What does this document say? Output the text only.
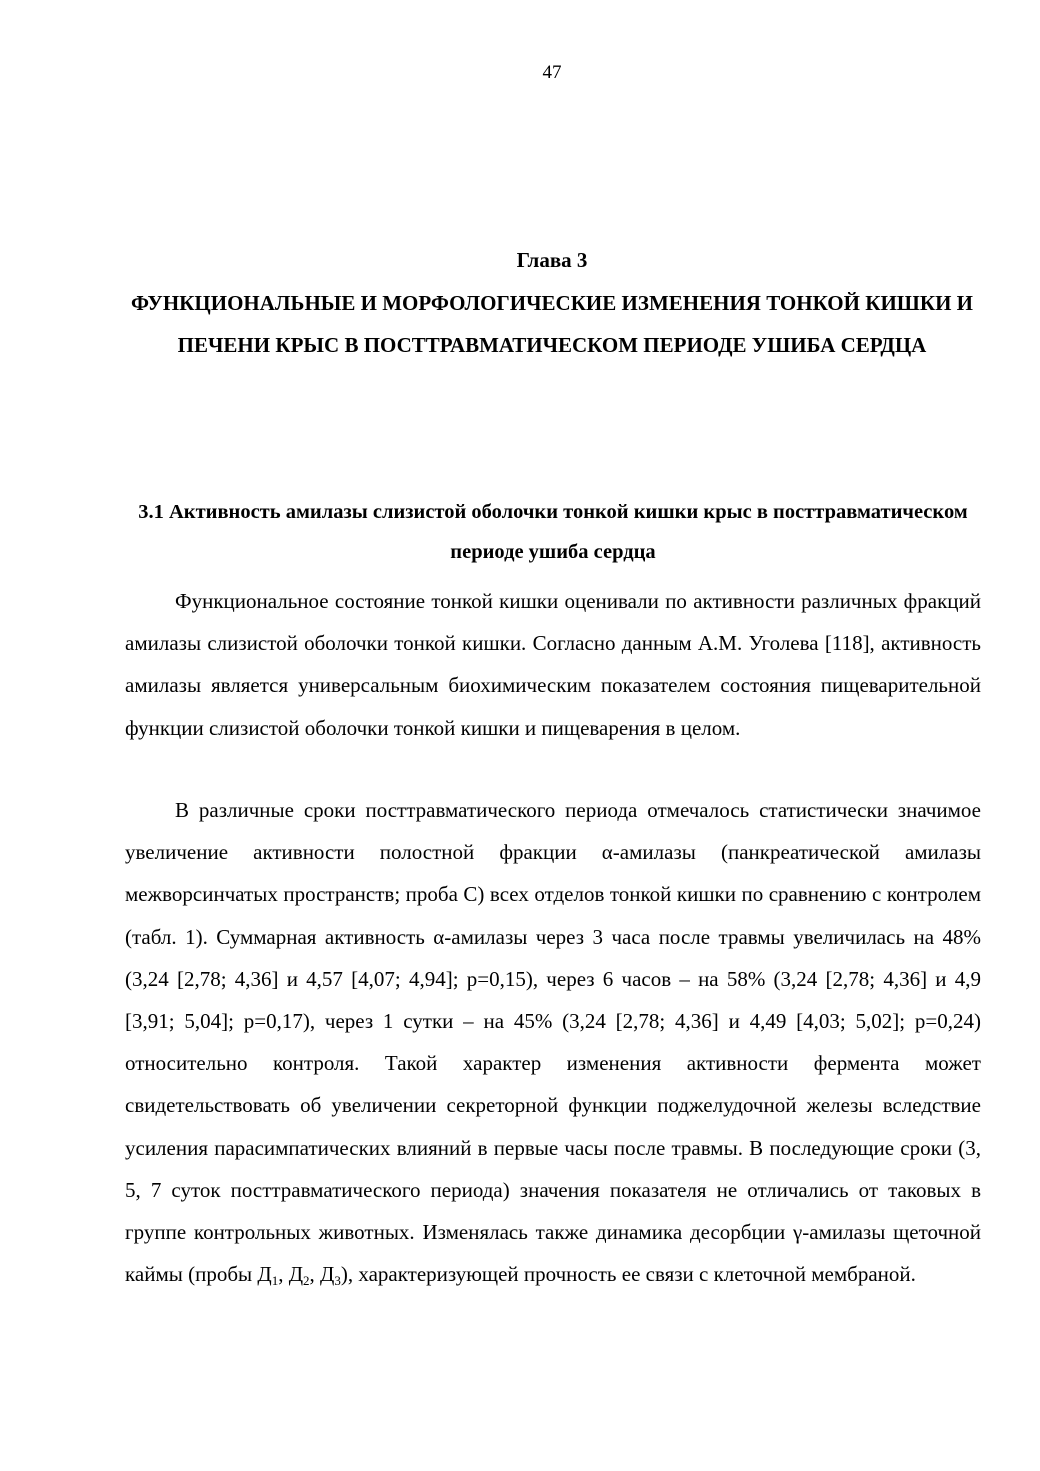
47
Глава 3
ФУНКЦИОНАЛЬНЫЕ И МОРФОЛОГИЧЕСКИЕ ИЗМЕНЕНИЯ ТОНКОЙ КИШКИ И ПЕЧЕНИ КРЫС В ПОСТТРАВМАТИЧЕСКОМ ПЕРИОДЕ УШИБА СЕРДЦА
3.1 Активность амилазы слизистой оболочки тонкой кишки крыс в посттравматическом периоде ушиба сердца

Функциональное состояние тонкой кишки оценивали по активности различных фракций амилазы слизистой оболочки тонкой кишки. Согласно данным А.М. Уголева [118], активность амилазы является универсальным биохимическим показателем состояния пищеварительной функции слизистой оболочки тонкой кишки и пищеварения в целом.

В различные сроки посттравматического периода отмечалось статистически значимое увеличение активности полостной фракции α-амилазы (панкреатической амилазы межворсинчатых пространств; проба С) всех отделов тонкой кишки по сравнению с контролем (табл. 1). Суммарная активность α-амилазы через 3 часа после травмы увеличилась на 48% (3,24 [2,78; 4,36] и 4,57 [4,07; 4,94]; p=0,15), через 6 часов – на 58% (3,24 [2,78; 4,36] и 4,9 [3,91; 5,04]; p=0,17), через 1 сутки – на 45% (3,24 [2,78; 4,36] и 4,49 [4,03; 5,02]; p=0,24) относительно контроля. Такой характер изменения активности фермента может свидетельствовать об увеличении секреторной функции поджелудочной железы вследствие усиления парасимпатических влияний в первые часы после травмы. В последующие сроки (3, 5, 7 суток посттравматического периода) значения показателя не отличались от таковых в группе контрольных животных. Изменялась также динамика десорбции γ-амилазы щеточной каймы (пробы $Д_1$, $Д_2$, $Д_3$), характеризующей прочность ее связи с клеточной мембраной.
